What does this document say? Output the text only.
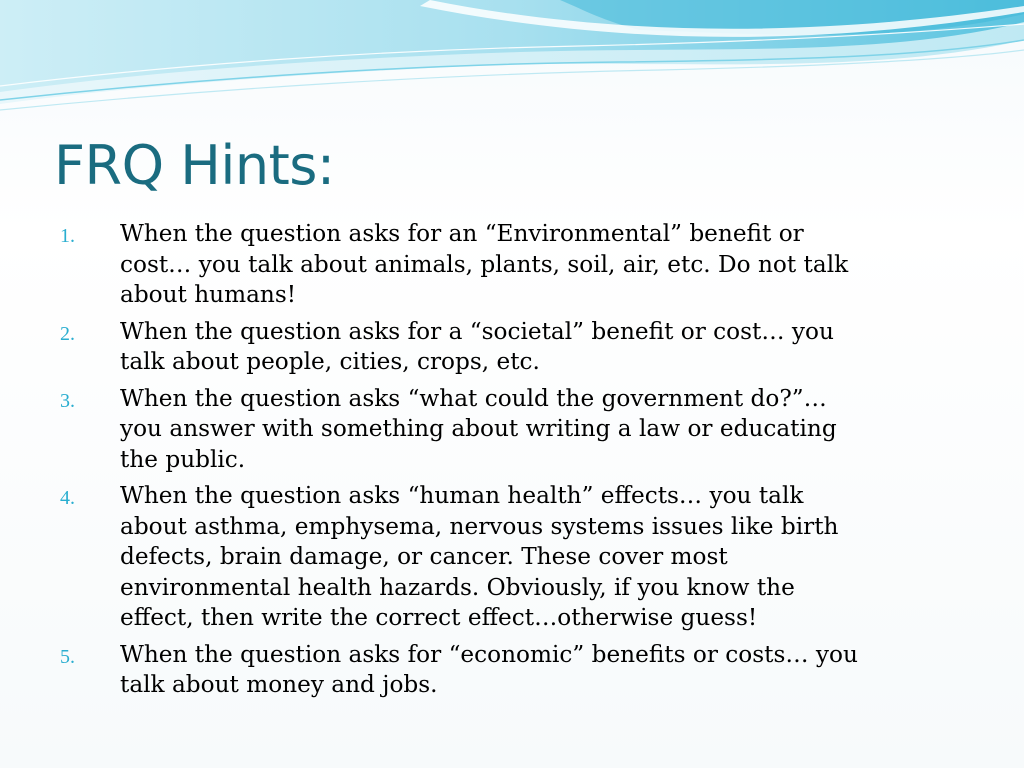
FRQ Hints:
1.	When the question asks for an “Environmental” benefit or
cost… you talk about animals, plants, soil, air, etc. Do not talk
about humans!
2.	When the question asks for a “societal” benefit or cost… you
talk about people, cities, crops, etc.
3.	When the question asks “what could the government do?”…
you answer with something about writing a law or educating
the public.
4.	When the question asks “human health” effects… you talk
about asthma, emphysema, nervous systems issues like birth
defects, brain damage, or cancer. These cover most
environmental health hazards. Obviously, if you know the
effect, then write the correct effect…otherwise guess!
5.	When the question asks for “economic” benefits or costs… you
talk about money and jobs.
